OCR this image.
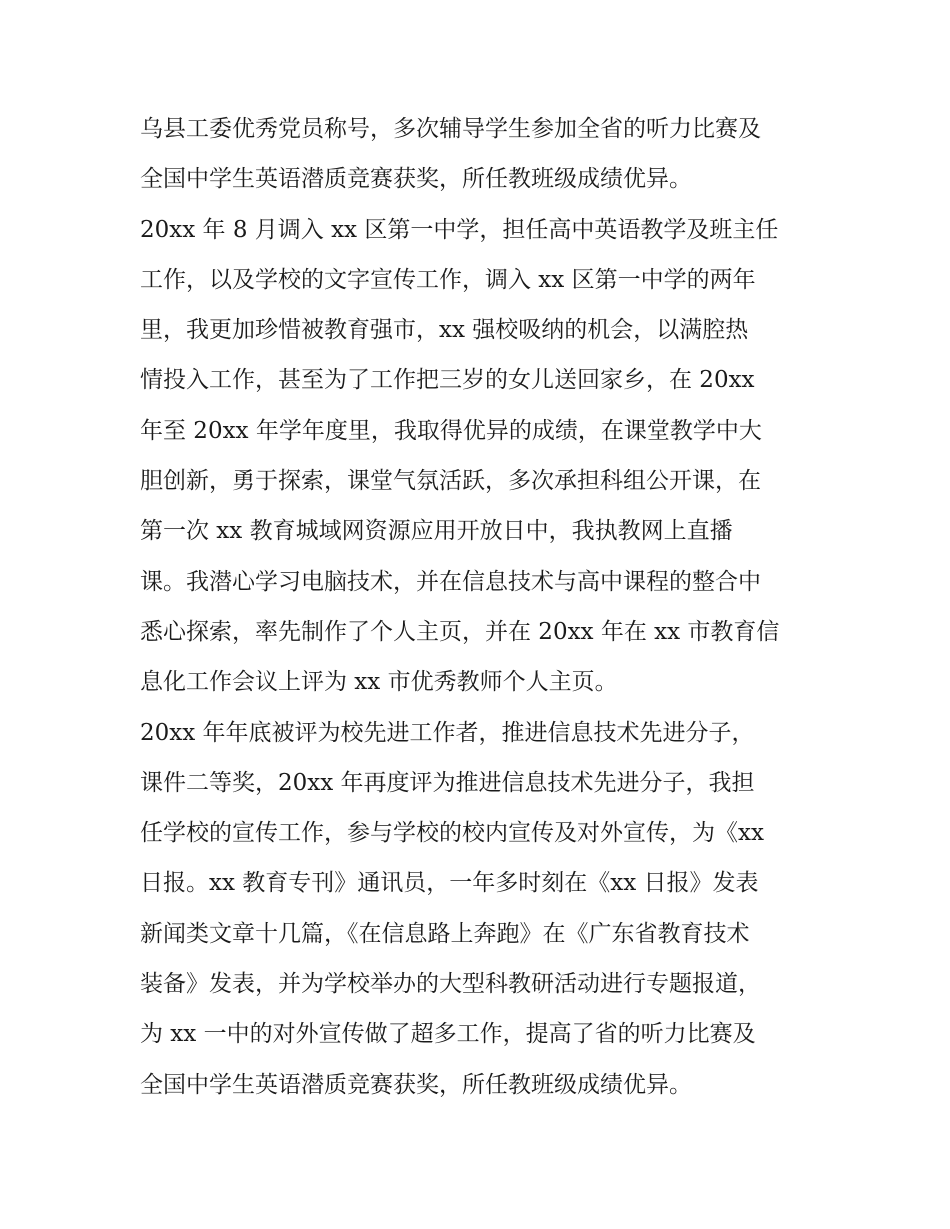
乌县工委优秀党员称号，多次辅导学生参加全省的听力比赛及
全国中学生英语潜质竞赛获奖，所任教班级成绩优异。
20xx 年 8 月调入 xx 区第一中学，担任高中英语教学及班主任
工作，以及学校的文字宣传工作，调入 xx 区第一中学的两年
里，我更加珍惜被教育强市，xx 强校吸纳的机会，以满腔热
情投入工作，甚至为了工作把三岁的女儿送回家乡，在 20xx
年至 20xx 年学年度里，我取得优异的成绩，在课堂教学中大
胆创新，勇于探索，课堂气氛活跃，多次承担科组公开课，在
第一次 xx 教育城域网资源应用开放日中，我执教网上直播
课。我潜心学习电脑技术，并在信息技术与高中课程的整合中
悉心探索，率先制作了个人主页，并在 20xx 年在 xx 市教育信
息化工作会议上评为 xx 市优秀教师个人主页。
20xx 年年底被评为校先进工作者，推进信息技术先进分子，
课件二等奖，20xx 年再度评为推进信息技术先进分子，我担
任学校的宣传工作，参与学校的校内宣传及对外宣传，为《xx
日报。xx 教育专刊》通讯员，一年多时刻在《xx 日报》发表
新闻类文章十几篇，《在信息路上奔跑》在《广东省教育技术
装备》发表，并为学校举办的大型科教研活动进行专题报道，
为 xx 一中的对外宣传做了超多工作，提高了省的听力比赛及
全国中学生英语潜质竞赛获奖，所任教班级成绩优异。
